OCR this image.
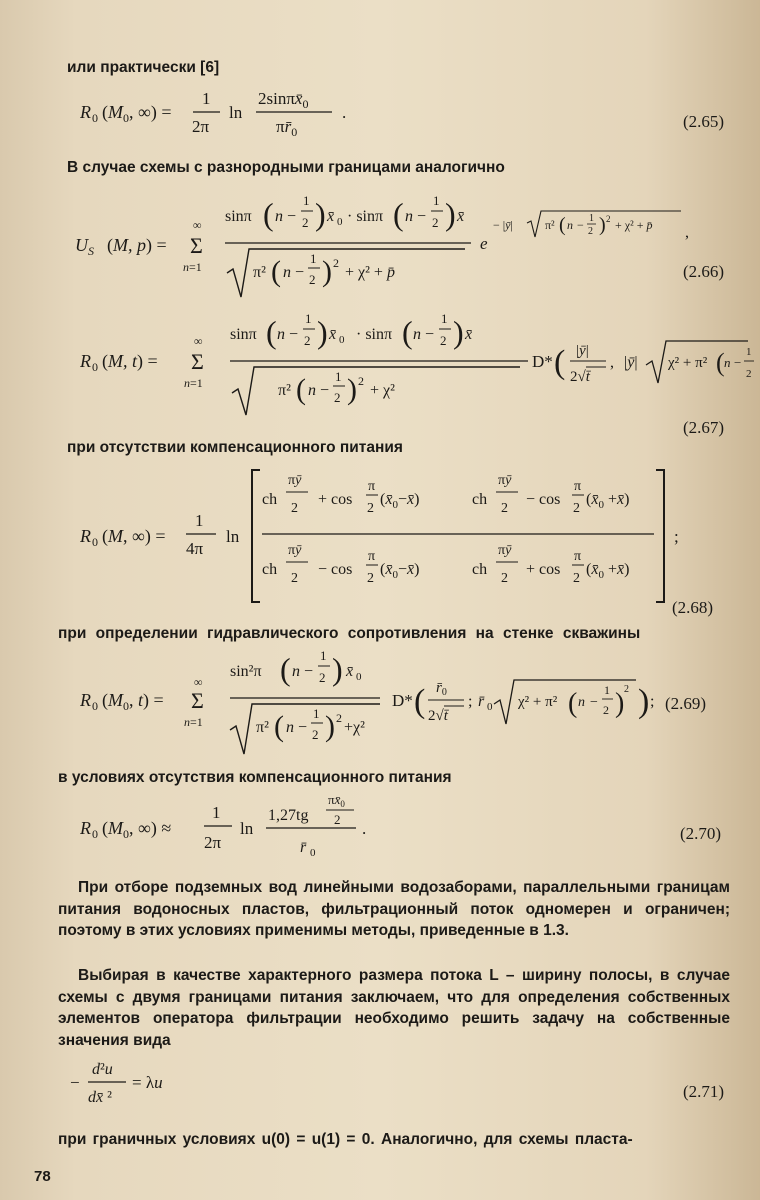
или практически [6]
R 0 ($M_0$, ∞) =
1
2π
ln
$2\sin\pi x̄_0$
$\pi r̄_0$
.	(2.65)
В случае схемы с разнородными границами аналогично
$U_S$ (M, p) =
∞
Σ
n=1
sinπ ( n −
1
2 ) x̄ 0 · sinπ ( n −
1
2 ) x̄
π² ( n −
1
2 ) 2
+ χ² + p̄
e
− |ȳ|	π² ( n − 1
2 ) 2 + χ² + p̄ ,
(2.66)
R 0 (M, t) =
∞
Σ
n=1
sinπ ( n −
1
2 ) x̄ 0 · sinπ ( n −
1
2 ) x̄
π² ( n −
1
2 ) 2
+ χ²
D* ( |ȳ|
2√t̄
, |ȳ| χ² + π² ( n −
1
2
(2.67)
при отсутствии компенсационного питания
R 0 (M, ∞) =
1
4π
ln
ch
πȳ
2
+ cos
π
2
$(x̄_0-x̄)$	ch
πȳ
2
− cos
π
2
($x̄_0$ +x̄)
ch
πȳ
2
− cos
π
2
$(x̄_0-x̄)$	ch
πȳ
2
+ cos
π
2
($x̄_0$ +x̄)
;
(2.68)
при определении гидравлического сопротивления на стенке скважины
R 0 ($M_0$, t) =
∞
Σ
n=1
sin²π ( n −
1
2 ) x̄ 0
π² ( n −
1
2 ) 2
+χ²
D* ( $r̄_0$
2√t̄
; r̄ 0 χ² + π² ( n −
1
2 ) 2 ) ; (2.69)
в условиях отсутствия компенсационного питания
R 0 ($M_0$, ∞) ≈
1
2π
ln
1,27tg
$\pi x̄_0$
2
r̄ 0
.	(2.70)
При отборе подземных вод линейными водозаборами, параллельными границам питания водоносных пластов, фильтрационный поток одномерен и ограничен; поэтому в этих условиях применимы методы, приведенные в 1.3.
Выбирая в качестве характерного размера потока L – ширину полосы, в случае схемы с двумя границами питания заключаем, что для определения собственных элементов оператора фильтрации необходимо решить задачу на собственные значения вида
−
d²u
dx̄ ²
= λu	(2.71)
при граничных условиях u(0) = u(1) = 0. Аналогично, для схемы пласта-
78
